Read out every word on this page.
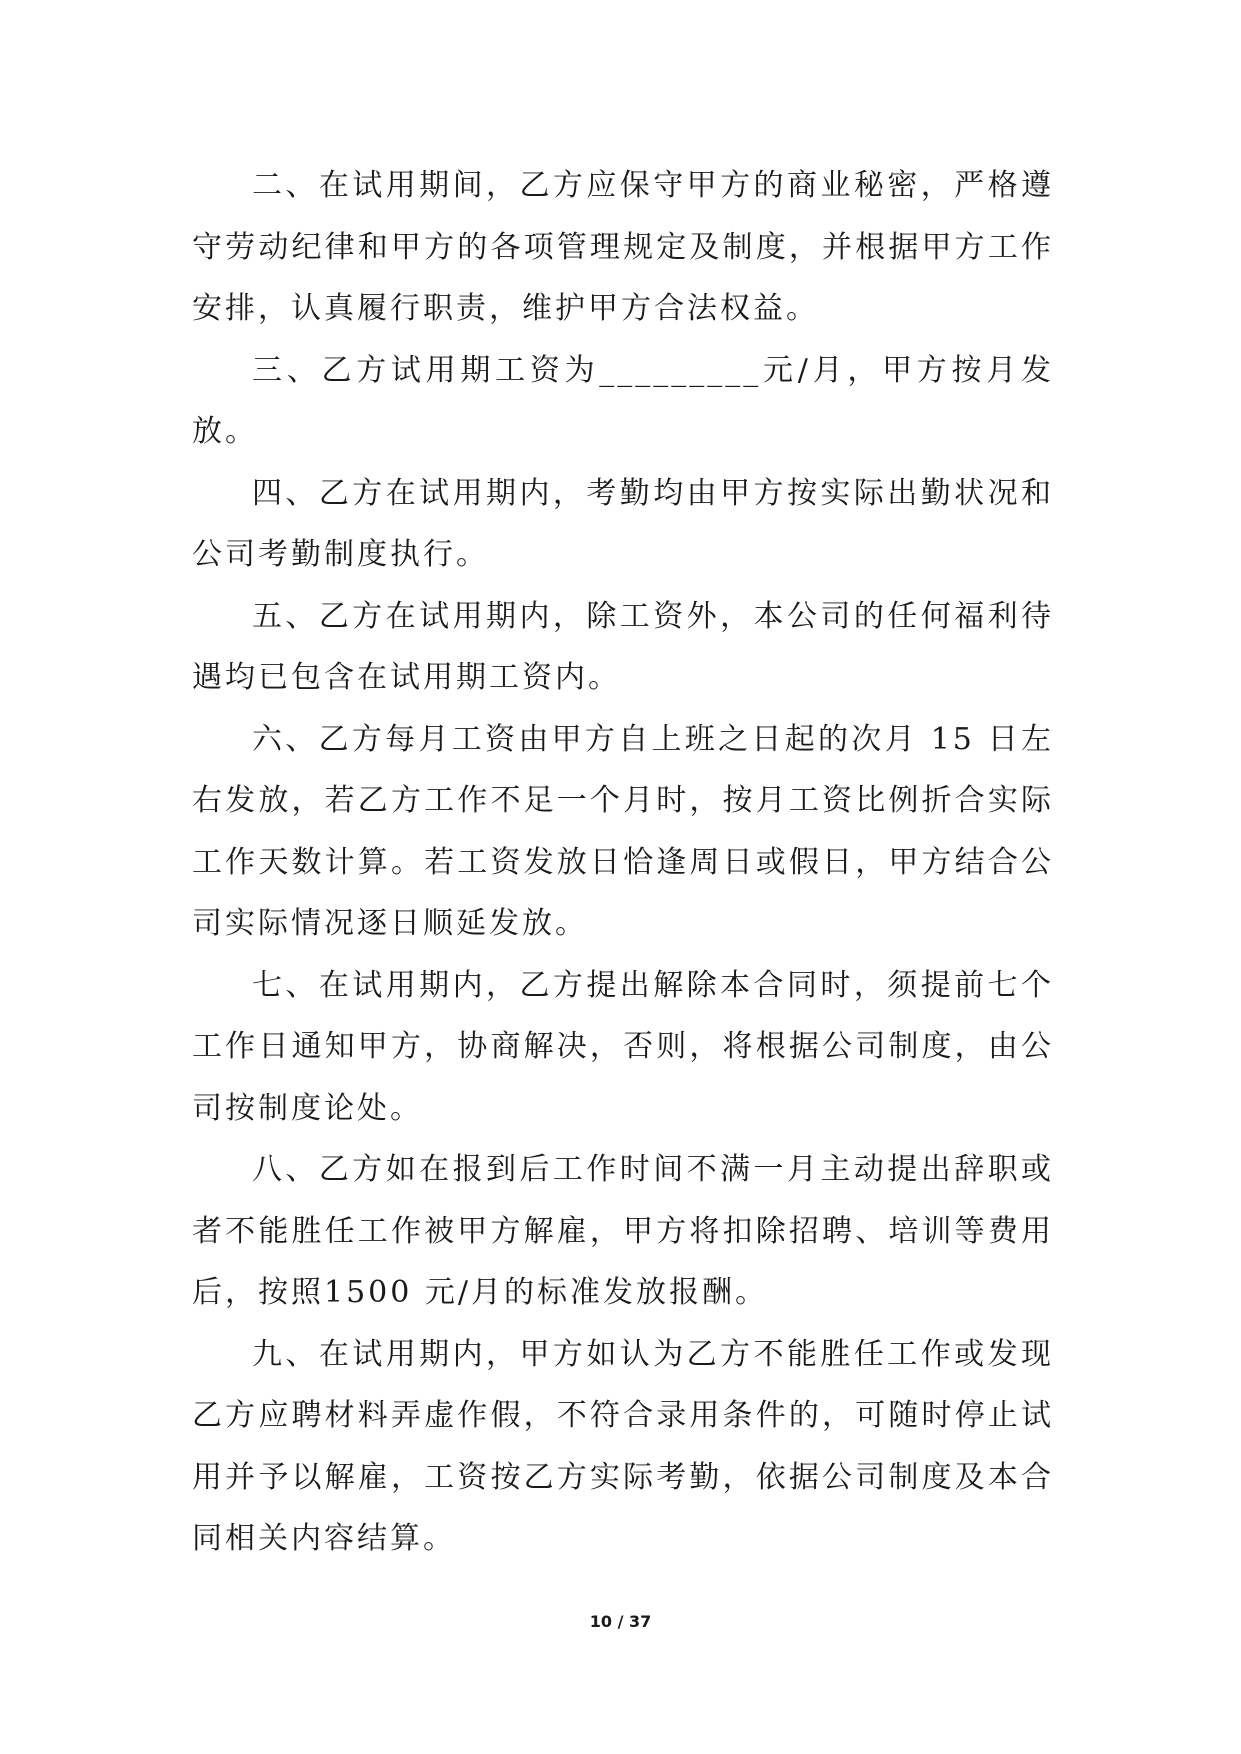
二、在试用期间，乙方应保守甲方的商业秘密，严格遵守劳动纪律和甲方的各项管理规定及制度，并根据甲方工作安排，认真履行职责，维护甲方合法权益。

三、乙方试用期工资为_________元/月，甲方按月发放。

四、乙方在试用期内，考勤均由甲方按实际出勤状况和公司考勤制度执行。

五、乙方在试用期内，除工资外，本公司的任何福利待遇均已包含在试用期工资内。

六、乙方每月工资由甲方自上班之日起的次月 15 日左右发放，若乙方工作不足一个月时，按月工资比例折合实际工作天数计算。若工资发放日恰逢周日或假日，甲方结合公司实际情况逐日顺延发放。

七、在试用期内，乙方提出解除本合同时，须提前七个工作日通知甲方，协商解决，否则，将根据公司制度，由公司按制度论处。

八、乙方如在报到后工作时间不满一月主动提出辞职或者不能胜任工作被甲方解雇，甲方将扣除招聘、培训等费用后，按照1500 元/月的标准发放报酬。

九、在试用期内，甲方如认为乙方不能胜任工作或发现乙方应聘材料弄虚作假，不符合录用条件的，可随时停止试用并予以解雇，工资按乙方实际考勤，依据公司制度及本合同相关内容结算。

10 / 37
